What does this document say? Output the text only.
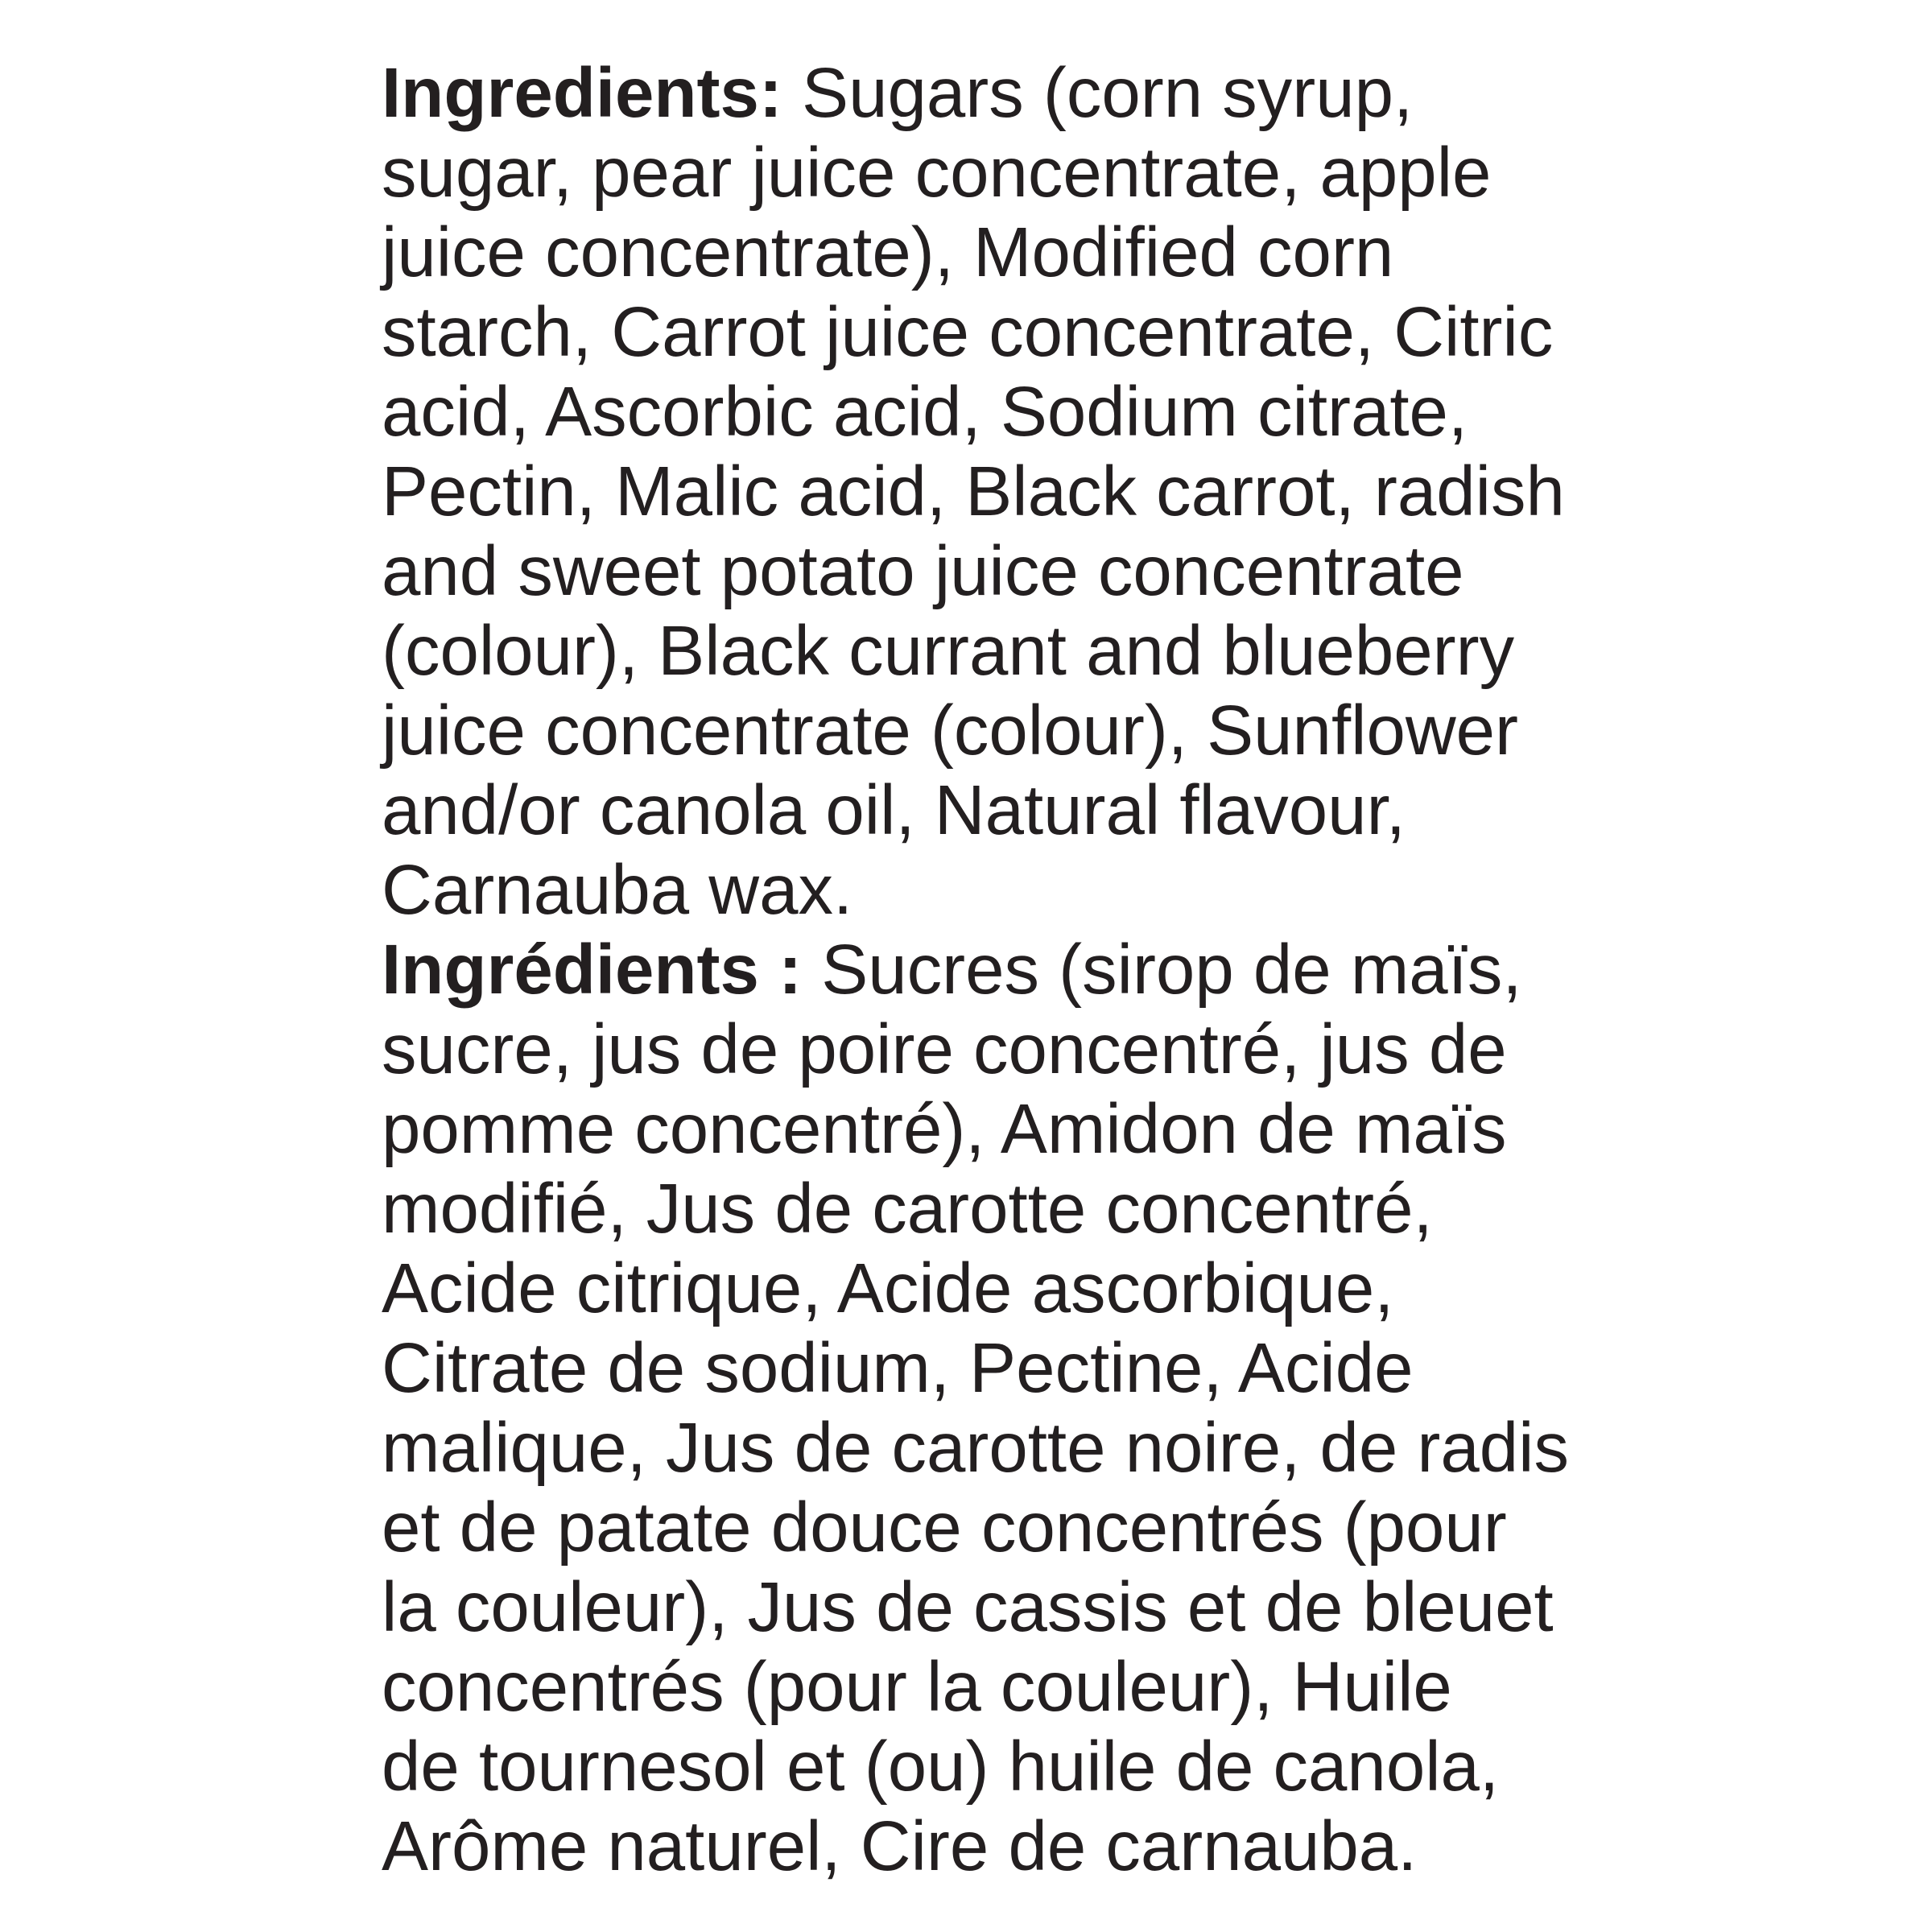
Ingredients: Sugars (corn syrup,
sugar, pear juice concentrate, apple
juice concentrate), Modified corn
starch, Carrot juice concentrate, Citric
acid, Ascorbic acid, Sodium citrate,
Pectin, Malic acid, Black carrot, radish
and sweet potato juice concentrate
(colour), Black currant and blueberry
juice concentrate (colour), Sunflower
and/or canola oil, Natural flavour,
Carnauba wax.
Ingrédients : Sucres (sirop de maïs,
sucre, jus de poire concentré, jus de
pomme concentré), Amidon de maïs
modifié, Jus de carotte concentré,
Acide citrique, Acide ascorbique,
Citrate de sodium, Pectine, Acide
malique, Jus de carotte noire, de radis
et de patate douce concentrés (pour
la couleur), Jus de cassis et de bleuet
concentrés (pour la couleur), Huile
de tournesol et (ou) huile de canola,
Arôme naturel, Cire de carnauba.
